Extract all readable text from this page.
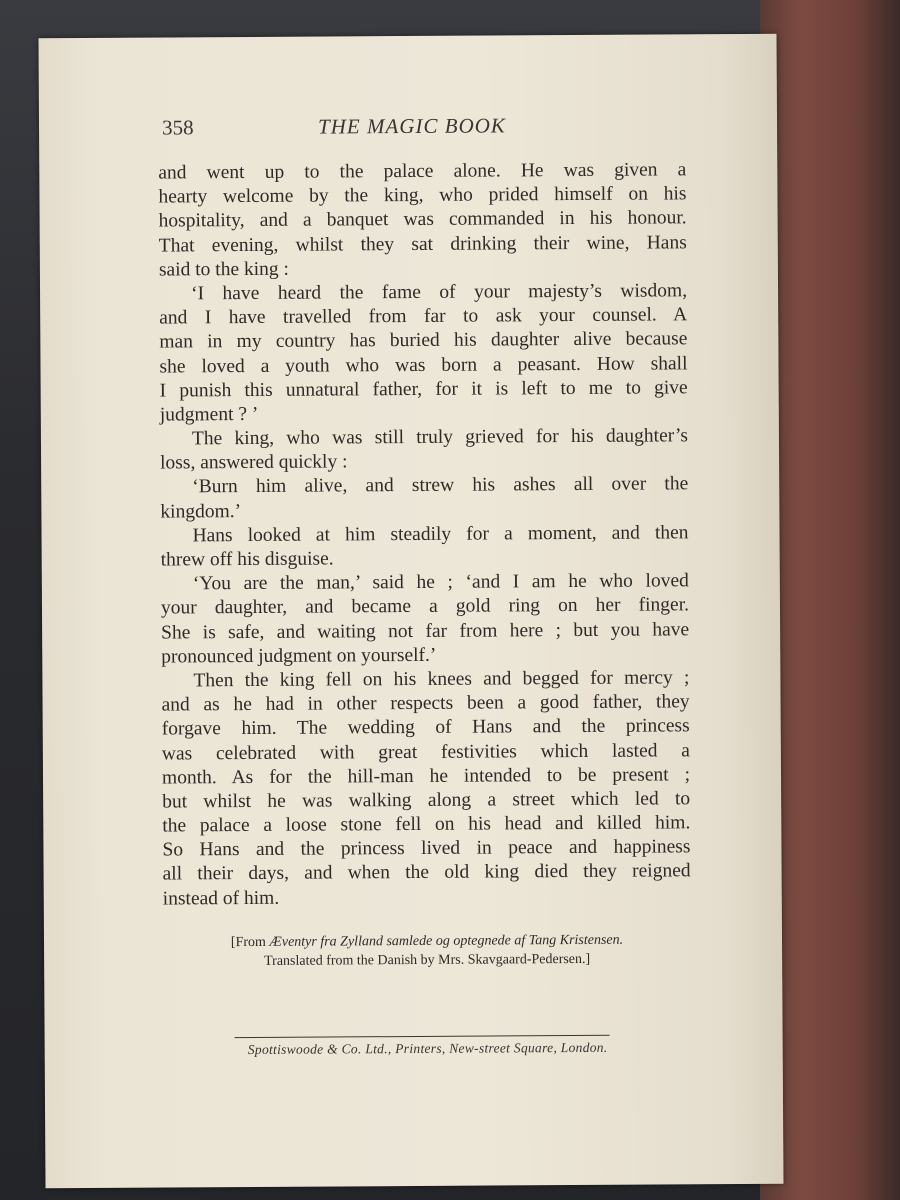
358	THE MAGIC BOOK
and went up to the palace alone. He was given a
hearty welcome by the king, who prided himself on his
hospitality, and a banquet was commanded in his honour.
That evening, whilst they sat drinking their wine, Hans
said to the king :
‘I have heard the fame of your majesty’s wisdom,
and I have travelled from far to ask your counsel. A
man in my country has buried his daughter alive because
she loved a youth who was born a peasant. How shall
I punish this unnatural father, for it is left to me to give
judgment ? ’
The king, who was still truly grieved for his daughter’s
loss, answered quickly :
‘Burn him alive, and strew his ashes all over the
kingdom.’
Hans looked at him steadily for a moment, and then
threw off his disguise.
‘You are the man,’ said he ; ‘and I am he who loved
your daughter, and became a gold ring on her finger.
She is safe, and waiting not far from here ; but you have
pronounced judgment on yourself.’
Then the king fell on his knees and begged for mercy ;
and as he had in other respects been a good father, they
forgave him. The wedding of Hans and the princess
was celebrated with great festivities which lasted a
month. As for the hill-man he intended to be present ;
but whilst he was walking along a street which led to
the palace a loose stone fell on his head and killed him.
So Hans and the princess lived in peace and happiness
all their days, and when the old king died they reigned
instead of him.
[From Æventyr fra Zylland samlede og optegnede af Tang Kristensen.
Translated from the Danish by Mrs. Skavgaard-Pedersen.]
Spottiswoode & Co. Ltd., Printers, New-street Square, London.
